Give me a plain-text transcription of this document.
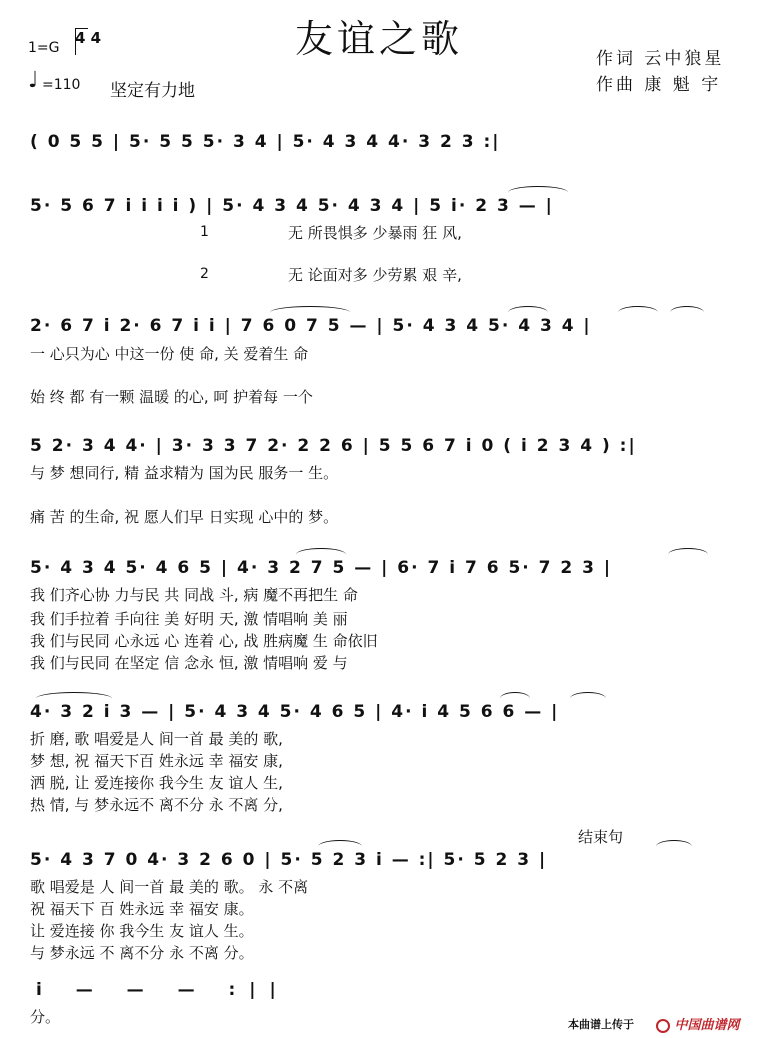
友谊之歌
1=G
4 4
♩ =110 坚定有力地
作词 云中狼星
作曲 康 魁 宇
( 0 5 5 | 5· 5 5 5· 3 4 | 5· 4 3 4 4· 3 2 3 :|
5· 5 6 7 i i i i ) | 5· 4 3 4 5· 4 3 4 | 5 i· 2 3 — |
1	无 所畏惧多 少暴雨 狂 风,
2	无 论面对多 少劳累 艰 辛,
2· 6 7 i 2· 6 7 i i | 7 6 0 7 5 — | 5· 4 3 4 5· 4 3 4 |
一 心只为心 中这一份 使 命, 关 爱着生 命
始 终 都 有一颗 温暖 的心, 呵 护着每 一个
5 2· 3 4 4· | 3· 3 3 7 2· 2 2 6 | 5 5 6 7 i 0 ( i 2 3 4 ) :|
与 梦 想同行, 精 益求精为 国为民 服务一 生。
痛 苦 的生命, 祝 愿人们早 日实现 心中的 梦。
5· 4 3 4 5· 4 6 5 | 4· 3 2 7 5 — | 6· 7 i 7 6 5· 7 2 3 |
我 们齐心协 力与民 共 同战 斗, 病 魔不再把生 命
我 们手拉着 手向往 美 好明 天, 激 情唱响 美 丽
我 们与民同 心永远 心 连着 心, 战 胜病魔 生 命依旧
我 们与民同 在坚定 信 念永 恒, 激 情唱响 爱 与
4· 3 2 i 3 — | 5· 4 3 4 5· 4 6 5 | 4· i 4 5 6 6 — |
折 磨, 歌 唱爱是人 间一首 最 美的 歌,
梦 想, 祝 福天下百 姓永远 幸 福安 康,
洒 脱, 让 爱连接你 我今生 友 谊人 生,
热 情, 与 梦永远不 离不分 永 不离 分,
结束句
5· 4 3 7 0 4· 3 2 6 0 | 5· 5 2 3 i — :| 5· 5 2 3 |
歌 唱爱是 人 间一首 最 美的 歌。 永 不离
祝 福天下 百 姓永远 幸 福安 康。
让 爱连接 你 我今生 友 谊人 生。
与 梦永远 不 离不分 永 不离 分。
i — — — :||
分。	本曲谱上传于	中国曲谱网
